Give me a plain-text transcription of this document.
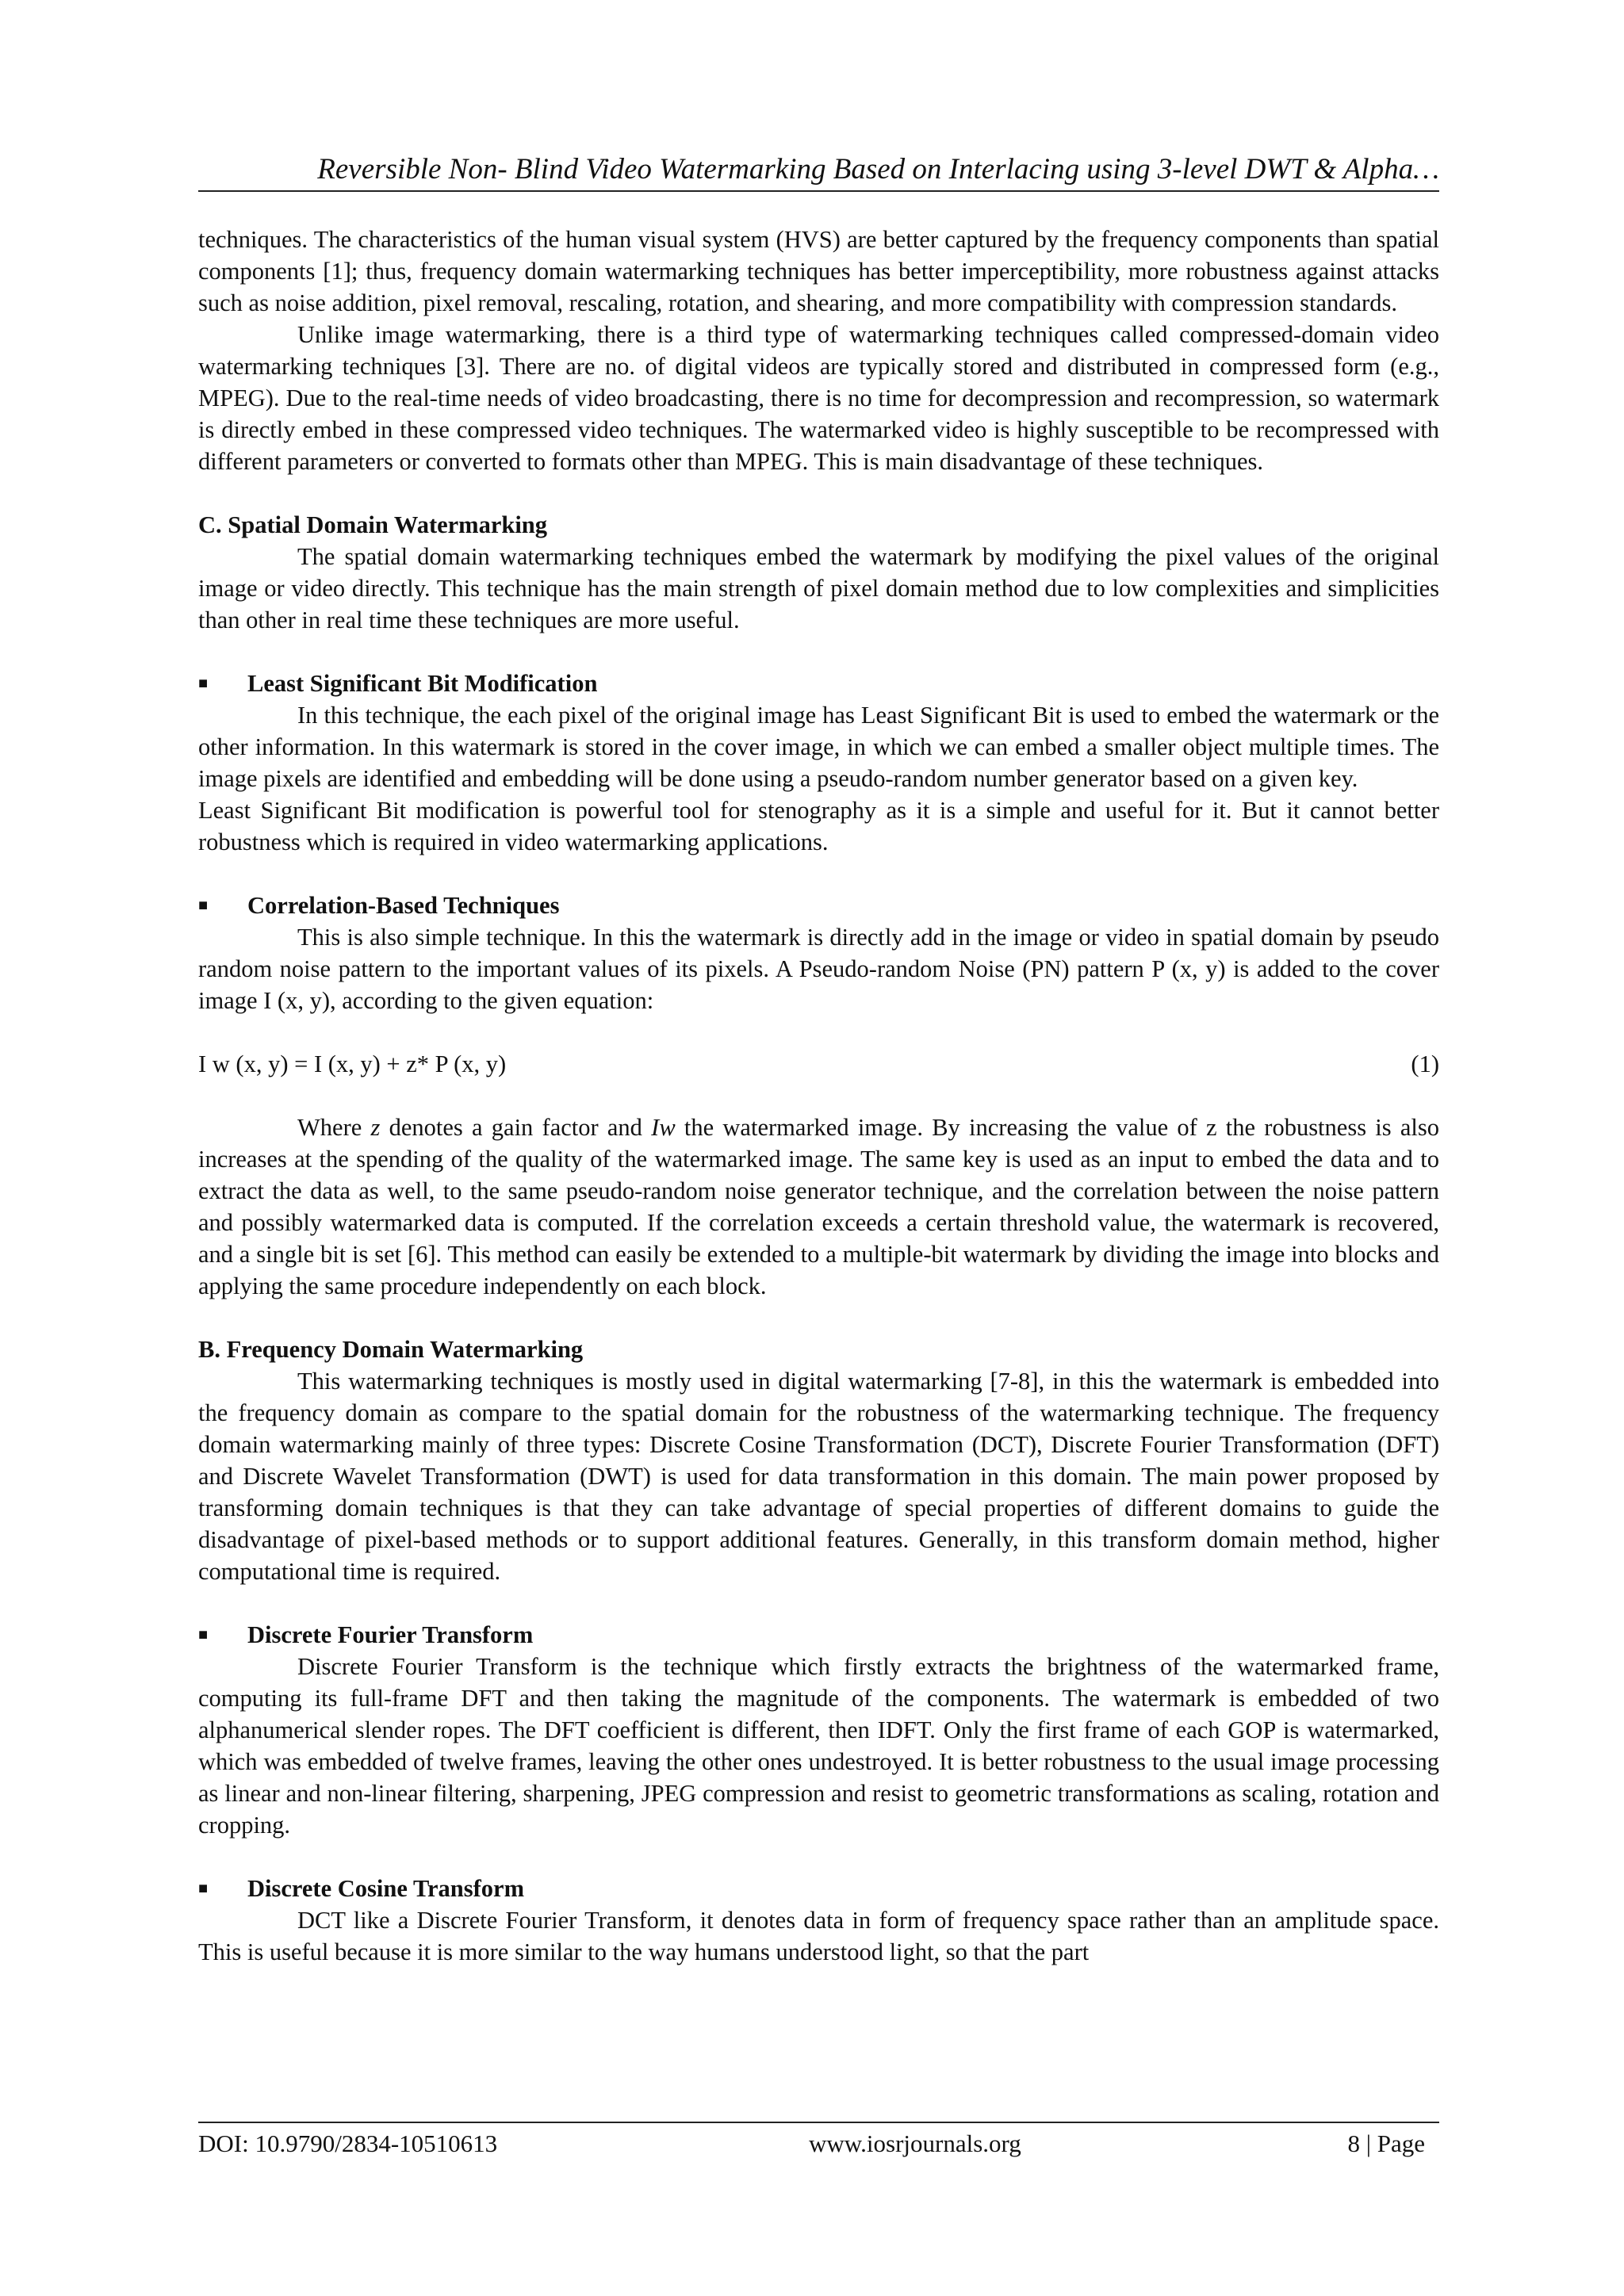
Reversible Non- Blind Video Watermarking Based on Interlacing using 3-level DWT & Alpha…

techniques. The characteristics of the human visual system (HVS) are better captured by the frequency components than spatial components [1]; thus, frequency domain watermarking techniques has better imperceptibility, more robustness against attacks such as noise addition, pixel removal, rescaling, rotation, and shearing, and more compatibility with compression standards.

Unlike image watermarking, there is a third type of watermarking techniques called compressed-domain video watermarking techniques [3]. There are no. of digital videos are typically stored and distributed in compressed form (e.g., MPEG). Due to the real-time needs of video broadcasting, there is no time for decompression and recompression, so watermark is directly embed in these compressed video techniques. The watermarked video is highly susceptible to be recompressed with different parameters or converted to formats other than MPEG. This is main disadvantage of these techniques.

C. Spatial Domain Watermarking

The spatial domain watermarking techniques embed the watermark by modifying the pixel values of the original image or video directly. This technique has the main strength of pixel domain method due to low complexities and simplicities than other in real time these techniques are more useful.

■	Least Significant Bit Modification

In this technique, the each pixel of the original image has Least Significant Bit is used to embed the watermark or the other information. In this watermark is stored in the cover image, in which we can embed a smaller object multiple times. The image pixels are identified and embedding will be done using a pseudo-random number generator based on a given key.

Least Significant Bit modification is powerful tool for stenography as it is a simple and useful for it. But it cannot better robustness which is required in video watermarking applications.

■	Correlation-Based Techniques

This is also simple technique. In this the watermark is directly add in the image or video in spatial domain by pseudo random noise pattern to the important values of its pixels. A Pseudo-random Noise (PN) pattern P (x, y) is added to the cover image I (x, y), according to the given equation:

I w (x, y) = I (x, y) + z* P (x, y)	(1)

Where z denotes a gain factor and Iw the watermarked image. By increasing the value of z the robustness is also increases at the spending of the quality of the watermarked image. The same key is used as an input to embed the data and to extract the data as well, to the same pseudo-random noise generator technique, and the correlation between the noise pattern and possibly watermarked data is computed. If the correlation exceeds a certain threshold value, the watermark is recovered, and a single bit is set [6]. This method can easily be extended to a multiple-bit watermark by dividing the image into blocks and applying the same procedure independently on each block.

B. Frequency Domain Watermarking

This watermarking techniques is mostly used in digital watermarking [7-8], in this the watermark is embedded into the frequency domain as compare to the spatial domain for the robustness of the watermarking technique. The frequency domain watermarking mainly of three types: Discrete Cosine Transformation (DCT), Discrete Fourier Transformation (DFT) and Discrete Wavelet Transformation (DWT) is used for data transformation in this domain. The main power proposed by transforming domain techniques is that they can take advantage of special properties of different domains to guide the disadvantage of pixel-based methods or to support additional features. Generally, in this transform domain method, higher computational time is required.

■	Discrete Fourier Transform

Discrete Fourier Transform is the technique which firstly extracts the brightness of the watermarked frame, computing its full-frame DFT and then taking the magnitude of the components. The watermark is embedded of two alphanumerical slender ropes. The DFT coefficient is different, then IDFT. Only the first frame of each GOP is watermarked, which was embedded of twelve frames, leaving the other ones undestroyed. It is better robustness to the usual image processing as linear and non-linear filtering, sharpening, JPEG compression and resist to geometric transformations as scaling, rotation and cropping.

■	Discrete Cosine Transform

DCT like a Discrete Fourier Transform, it denotes data in form of frequency space rather than an amplitude space. This is useful because it is more similar to the way humans understood light, so that the part

DOI: 10.9790/2834-10510613	www.iosrjournals.org	8 | Page
